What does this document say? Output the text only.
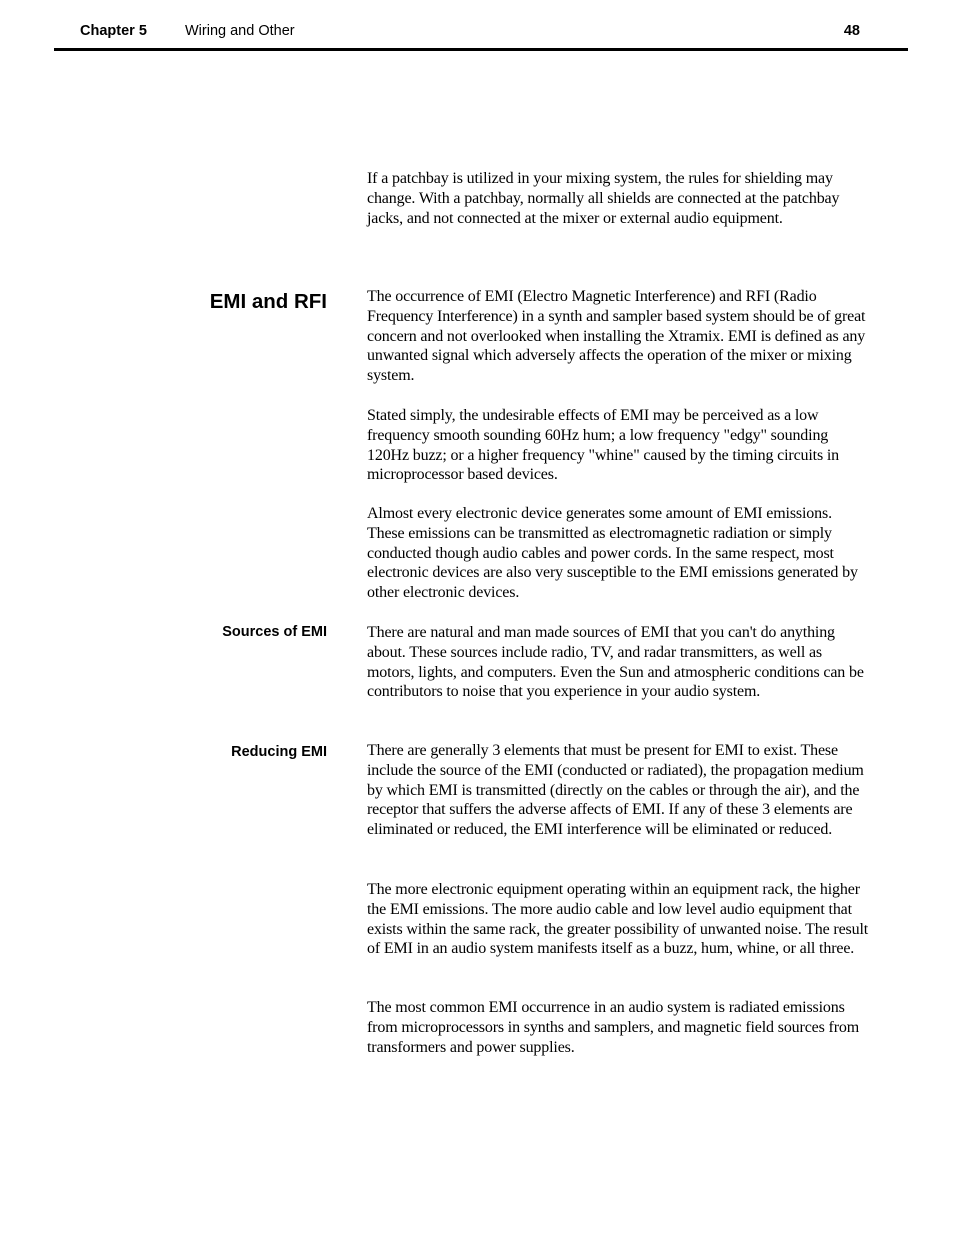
Chapter 5	Wiring and Other	48

If a patchbay is utilized in your mixing system, the rules for shielding may change. With a patchbay, normally all shields are connected at the patchbay jacks, and not connected at the mixer or external audio equipment.

EMI and RFI	The occurrence of EMI (Electro Magnetic Interference) and RFI (Radio Frequency Interference) in a synth and sampler based system should be of great concern and not overlooked when installing the Xtramix. EMI is defined as any unwanted signal which adversely affects the operation of the mixer or mixing system.

Stated simply, the undesirable effects of EMI may be perceived as a low frequency smooth sounding 60Hz hum; a low frequency "edgy" sounding 120Hz buzz; or a higher frequency "whine" caused by the timing circuits in microprocessor based devices.

Almost every electronic device generates some amount of EMI emissions. These emissions can be transmitted as electromagnetic radiation or simply conducted though audio cables and power cords. In the same respect, most electronic devices are also very susceptible to the EMI emissions generated by other electronic devices.

Sources of EMI	There are natural and man made sources of EMI that you can't do anything about. These sources include radio, TV, and radar transmitters, as well as motors, lights, and computers. Even the Sun and atmospheric conditions can be contributors to noise that you experience in your audio system.

Reducing EMI	There are generally 3 elements that must be present for EMI to exist. These include the source of the EMI (conducted or radiated), the propagation medium by which EMI is transmitted (directly on the cables or through the air), and the receptor that suffers the adverse affects of EMI. If any of these 3 elements are eliminated or reduced, the EMI interference will be eliminated or reduced.

The more electronic equipment operating within an equipment rack, the higher the EMI emissions. The more audio cable and low level audio equipment that exists within the same rack, the greater possibility of unwanted noise. The result of EMI in an audio system manifests itself as a buzz, hum, whine, or all three.

The most common EMI occurrence in an audio system is radiated emissions from microprocessors in synths and samplers, and magnetic field sources from transformers and power supplies.
